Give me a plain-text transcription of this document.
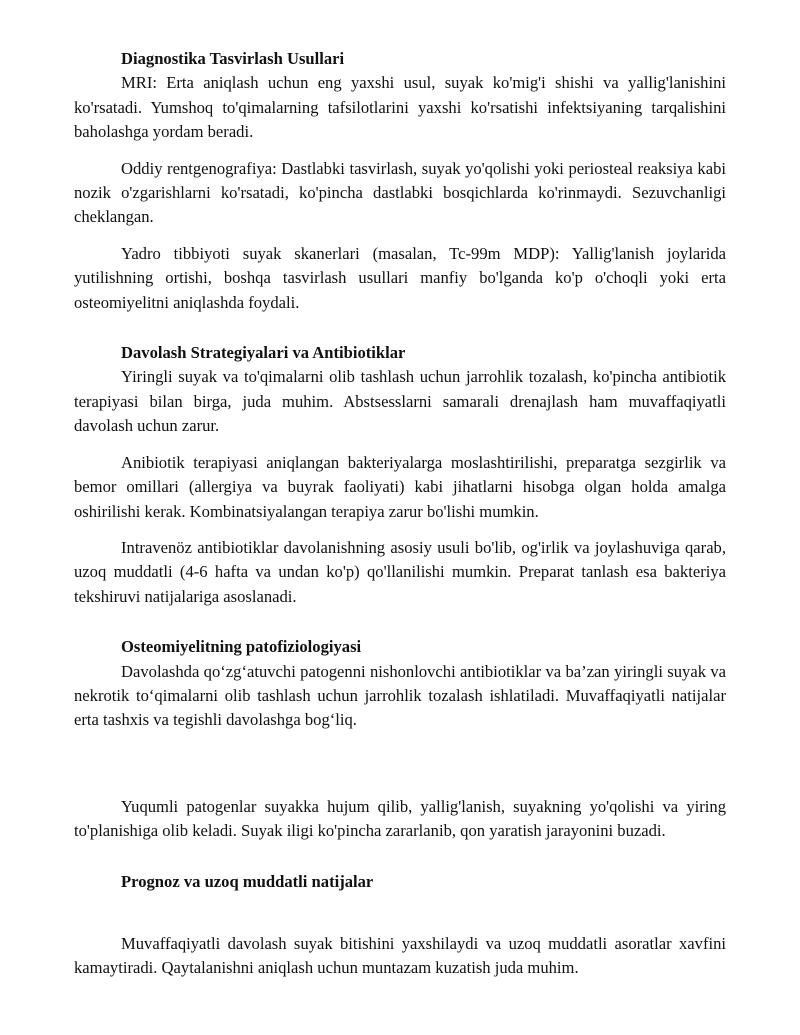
Diagnostika Tasvirlash Usullari

MRI: Erta aniqlash uchun eng yaxshi usul, suyak ko'mig'i shishi va yallig'lanishini ko'rsatadi. Yumshoq to'qimalarning tafsilotlarini yaxshi ko'rsatishi infektsiyaning tarqalishini baholashga yordam beradi.

Oddiy rentgenografiya: Dastlabki tasvirlash, suyak yo'qolishi yoki periosteal reaksiya kabi nozik o'zgarishlarni ko'rsatadi, ko'pincha dastlabki bosqichlarda ko'rinmaydi. Sezuvchanligi cheklangan.

Yadro tibbiyoti suyak skanerlari (masalan, Tc-99m MDP): Yallig'lanish joylarida yutilishning ortishi, boshqa tasvirlash usullari manfiy bo'lganda ko'p o'choqli yoki erta osteomiyelitni aniqlashda foydali.

Davolash Strategiyalari va Antibiotiklar

Yiringli suyak va to'qimalarni olib tashlash uchun jarrohlik tozalash, ko'pincha antibiotik terapiyasi bilan birga, juda muhim. Abstsesslarni samarali drenajlash ham muvaffaqiyatli davolash uchun zarur.

Anibiotik terapiyasi aniqlangan bakteriyalarga moslashtirilishi, preparatga sezgirlik va bemor omillari (allergiya va buyrak faoliyati) kabi jihatlarni hisobga olgan holda amalga oshirilishi kerak. Kombinatsiyalangan terapiya zarur bo'lishi mumkin.

Intravenöz antibiotiklar davolanishning asosiy usuli bo'lib, og'irlik va joylashuviga qarab, uzoq muddatli (4-6 hafta va undan ko'p) qo'llanilishi mumkin. Preparat tanlash esa bakteriya tekshiruvi natijalariga asoslanadi.

Osteomiyelitning patofiziologiyasi

Davolashda qo‘zg‘atuvchi patogenni nishonlovchi antibiotiklar va ba’zan yiringli suyak va nekrotik to‘qimalarni olib tashlash uchun jarrohlik tozalash ishlatiladi. Muvaffaqiyatli natijalar erta tashxis va tegishli davolashga bog‘liq.

Yuqumli patogenlar suyakka hujum qilib, yallig'lanish, suyakning yo'qolishi va yiring to'planishiga olib keladi. Suyak iligi ko'pincha zararlanib, qon yaratish jarayonini buzadi.

Prognoz va uzoq muddatli natijalar

Muvaffaqiyatli davolash suyak bitishini yaxshilaydi va uzoq muddatli asoratlar xavfini kamaytiradi. Qaytalanishni aniqlash uchun muntazam kuzatish juda muhim.
